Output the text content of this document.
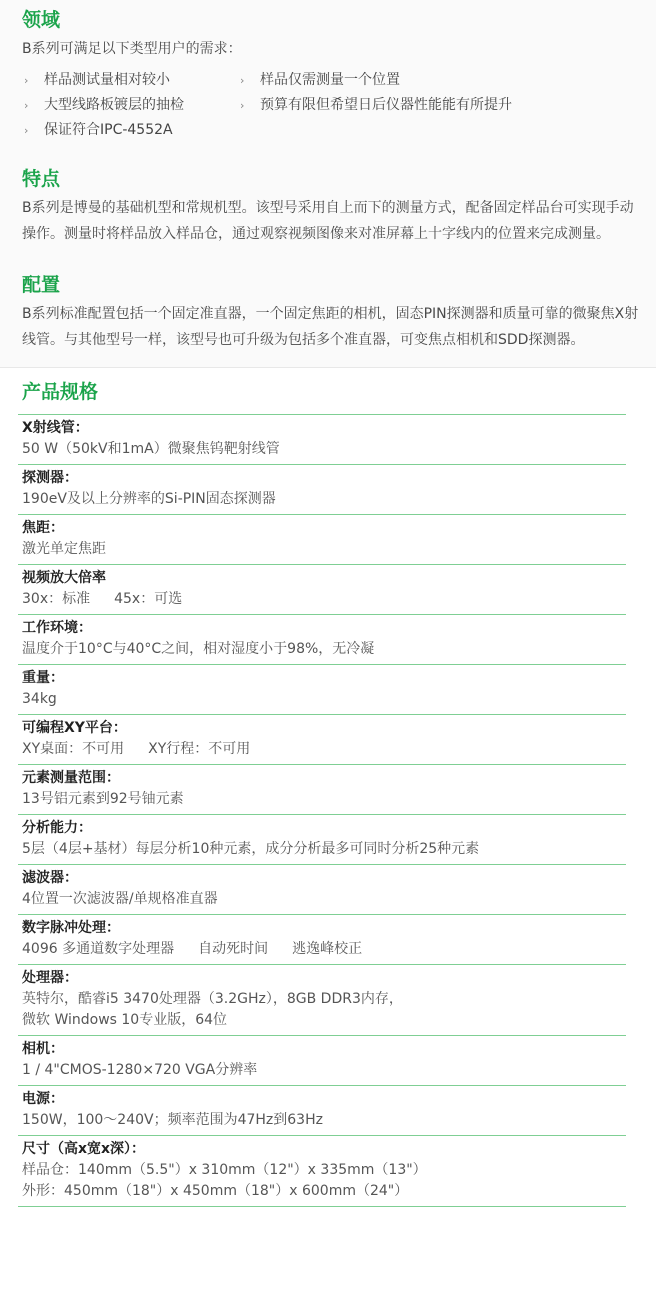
领域

B系列可满足以下类型用户的需求：

› 样品测试量相对较小	› 样品仅需测量一个位置
› 大型线路板镀层的抽检	› 预算有限但希望日后仪器性能能有所提升
› 保证符合IPC-4552A
特点

B系列是博曼的基础机型和常规机型。该型号采用自上而下的测量方式，配备固定样品台可实现手动操作。测量时将样品放入样品仓，通过观察视频图像来对准屏幕上十字线内的位置来完成测量。

配置

B系列标准配置包括一个固定准直器，一个固定焦距的相机，固态PIN探测器和质量可靠的微聚焦X射线管。与其他型号一样，该型号也可升级为包括多个准直器，可变焦点相机和SDD探测器。

产品规格
X射线管：
50 W（50kV和1mA）微聚焦钨靶射线管
探测器：
190eV及以上分辨率的Si-PIN固态探测器
焦距：
激光单定焦距
视频放大倍率
30x：标准 45x：可选
工作环境：
温度介于10°C与40°C之间，相对湿度小于98%，无冷凝
重量：
34kg
可编程XY平台：
XY桌面：不可用 XY行程：不可用
元素测量范围：
13号铝元素到92号铀元素
分析能力：
5层（4层+基材）每层分析10种元素，成分分析最多可同时分析25种元素
滤波器：
4位置一次滤波器/单规格准直器
数字脉冲处理：
4096 多通道数字处理器 自动死时间 逃逸峰校正
处理器：
英特尔，酷睿i5 3470处理器（3.2GHz），8GB DDR3内存，
微软 Windows 10专业版，64位
相机：
1 / 4"CMOS-1280×720 VGA分辨率
电源：
150W，100～240V；频率范围为47Hz到63Hz
尺寸（高x宽x深）：
样品仓：140mm（5.5"）x 310mm（12"）x 335mm（13"）
外形：450mm（18"）x 450mm（18"）x 600mm（24"）
